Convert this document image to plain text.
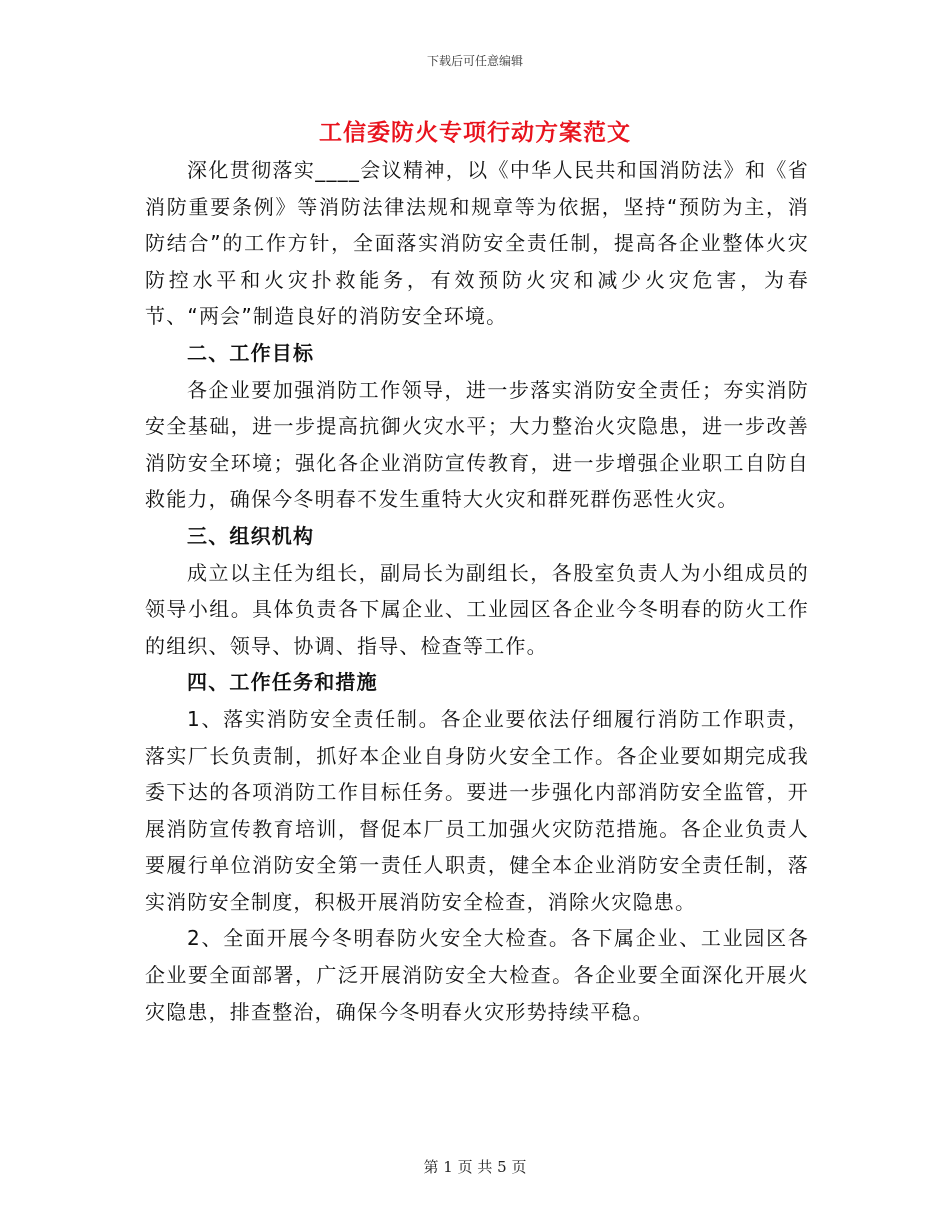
下载后可任意编辑
工信委防火专项行动方案范文

深化贯彻落实____会议精神，以《中华人民共和国消防法》和《省消防重要条例》等消防法律法规和规章等为依据，坚持“预防为主，消防结合”的工作方针，全面落实消防安全责任制，提高各企业整体火灾防控水平和火灾扑救能务，有效预防火灾和减少火灾危害，为春节、“两会”制造良好的消防安全环境。

二、工作目标

各企业要加强消防工作领导，进一步落实消防安全责任；夯实消防安全基础，进一步提高抗御火灾水平；大力整治火灾隐患，进一步改善消防安全环境；强化各企业消防宣传教育，进一步增强企业职工自防自救能力，确保今冬明春不发生重特大火灾和群死群伤恶性火灾。

三、组织机构

成立以主任为组长，副局长为副组长，各股室负责人为小组成员的领导小组。具体负责各下属企业、工业园区各企业今冬明春的防火工作的组织、领导、协调、指导、检查等工作。

四、工作任务和措施

1、落实消防安全责任制。各企业要依法仔细履行消防工作职责，落实厂长负责制，抓好本企业自身防火安全工作。各企业要如期完成我委下达的各项消防工作目标任务。要进一步强化内部消防安全监管，开展消防宣传教育培训，督促本厂员工加强火灾防范措施。各企业负责人要履行单位消防安全第一责任人职责，健全本企业消防安全责任制，落实消防安全制度，积极开展消防安全检查，消除火灾隐患。

2、全面开展今冬明春防火安全大检查。各下属企业、工业园区各企业要全面部署，广泛开展消防安全大检查。各企业要全面深化开展火灾隐患，排查整治，确保今冬明春火灾形势持续平稳。

第 1 页 共 5 页
